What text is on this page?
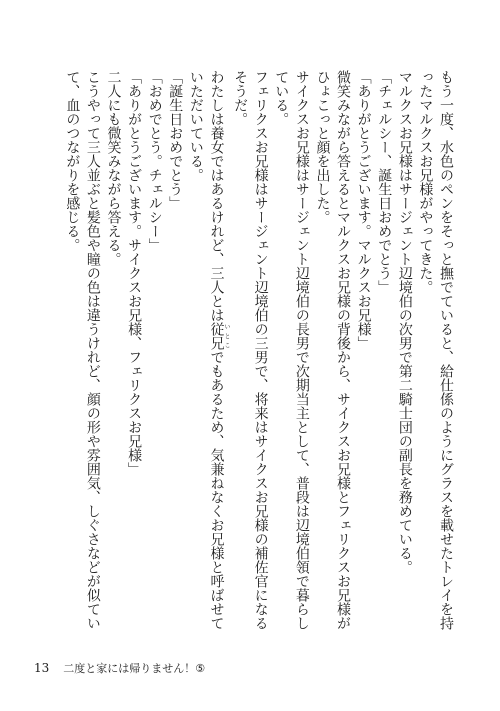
もう一度、水色のペンをそっと撫でていると、給仕係のようにグラスを載せたトレイを持ったマルクスお兄様がやってきた。

マルクスお兄様はサージェント辺境伯の次男で第二騎士団の副長を務めている。

「チェルシー、誕生日おめでとう」

「ありがとうございます。マルクスお兄様」

微笑みながら答えるとマルクスお兄様の背後から、サイクスお兄様とフェリクスお兄様がひょこっと顔を出した。

サイクスお兄様はサージェント辺境伯の長男で次期当主として、普段は辺境伯領で暮らしている。

フェリクスお兄様はサージェント辺境伯の三男で、将来はサイクスお兄様の補佐官になるそうだ。

わたしは養女ではあるけれど、三人とは従兄いとこでもあるため、気兼ねなくお兄様と呼ばせていただいている。

「誕生日おめでとう」

「おめでとう。チェルシー」

「ありがとうございます。サイクスお兄様、フェリクスお兄様」

二人にも微笑みながら答える。

こうやって三人並ぶと髪色や瞳の色は違うけれど、顔の形や雰囲気、しぐさなどが似ていて、血のつながりを感じる。

13 二度と家には帰りません！⑤
